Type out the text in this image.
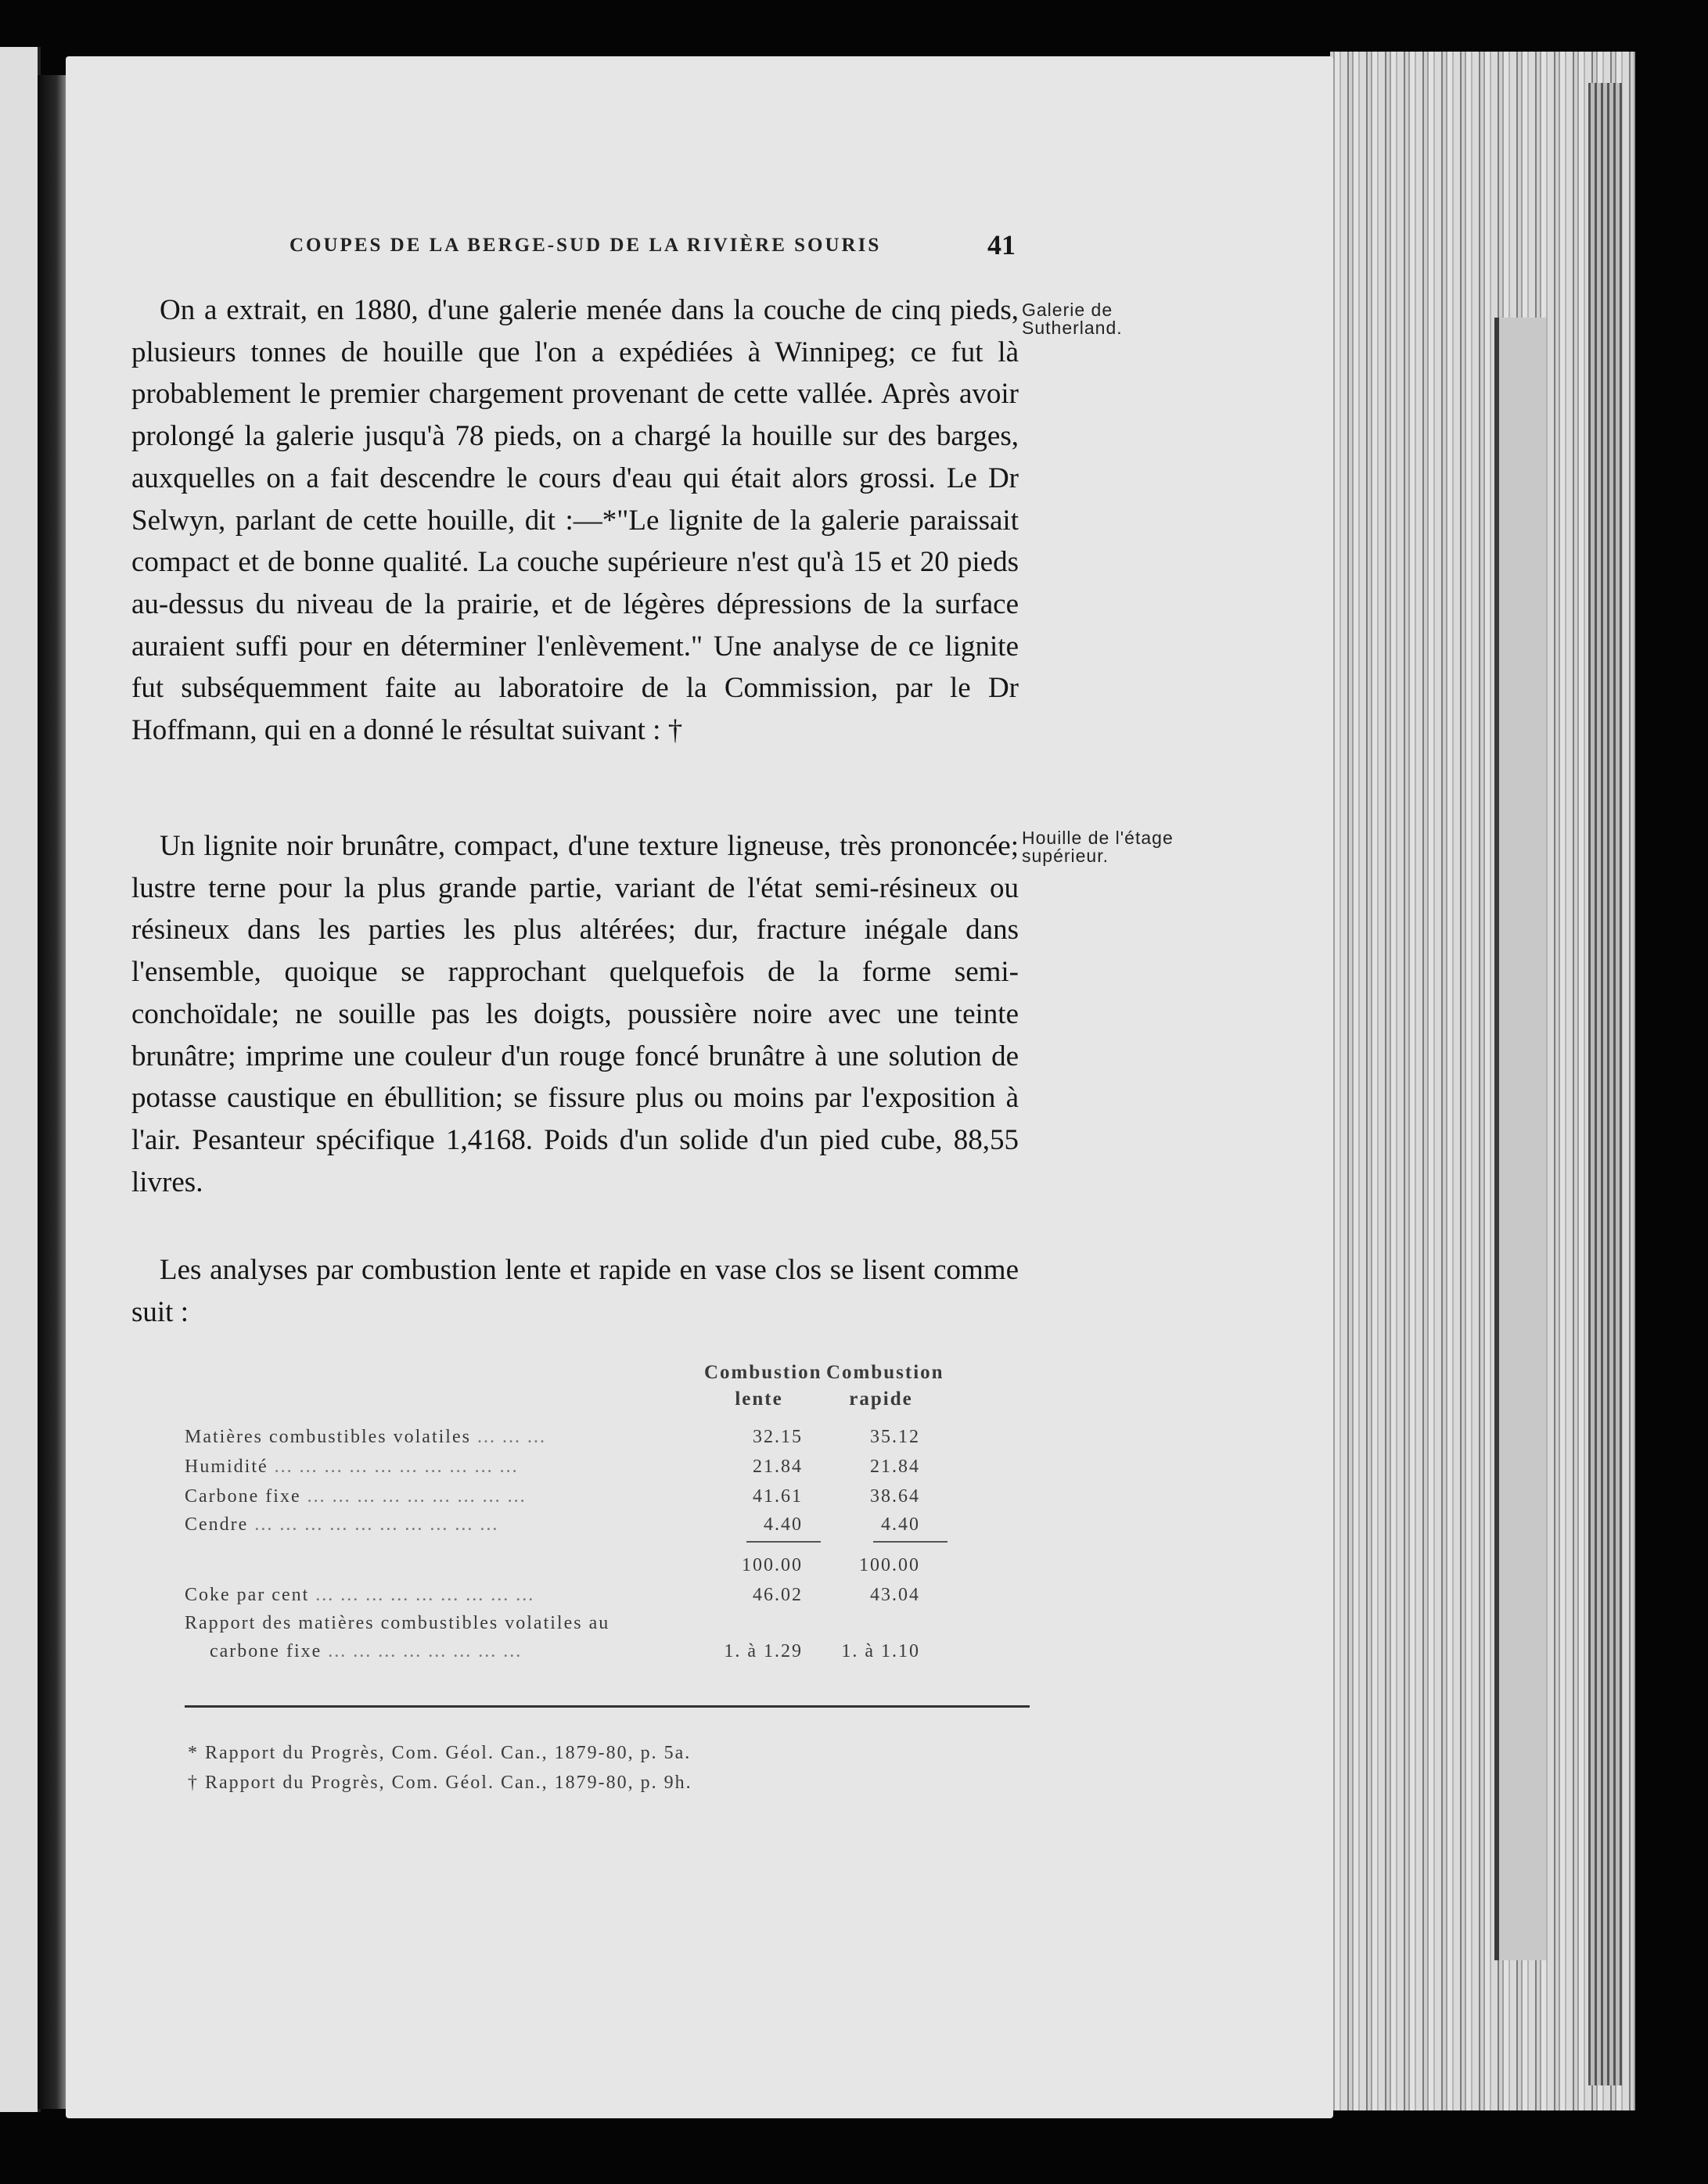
COUPES DE LA BERGE-SUD DE LA RIVIÈRE SOURIS	41

On a extrait, en 1880, d'une galerie menée dans la couche de cinq pieds, plusieurs tonnes de houille que l'on a expédiées à Winnipeg; ce fut là probablement le premier chargement provenant de cette vallée. Après avoir prolongé la galerie jusqu'à 78 pieds, on a chargé la houille sur des barges, auxquelles on a fait descendre le cours d'eau qui était alors grossi. Le Dr Selwyn, parlant de cette houille, dit :—*"Le lignite de la galerie paraissait compact et de bonne qualité. La couche supérieure n'est qu'à 15 et 20 pieds au-dessus du niveau de la prairie, et de légères dépressions de la surface auraient suffi pour en déterminer l'enlèvement." Une analyse de ce lignite fut subséquemment faite au laboratoire de la Commission, par le Dr Hoffmann, qui en a donné le résultat suivant : †

Galerie de Sutherland.

Un lignite noir brunâtre, compact, d'une texture ligneuse, très prononcée; lustre terne pour la plus grande partie, variant de l'état semi-résineux ou résineux dans les parties les plus altérées; dur, fracture inégale dans l'ensemble, quoique se rapprochant quelquefois de la forme semi-conchoïdale; ne souille pas les doigts, poussière noire avec une teinte brunâtre; imprime une couleur d'un rouge foncé brunâtre à une solution de potasse caustique en ébullition; se fissure plus ou moins par l'exposition à l'air. Pesanteur spécifique 1,4168. Poids d'un solide d'un pied cube, 88,55 livres.

Houille de l'étage supérieur.

Les analyses par combustion lente et rapide en vase clos se lisent comme suit :

Combustion lente
Combustion rapide
Matières combustibles volatiles ... ... ...	32.15	35.12
Humidité ... ... ... ... ... ... ... ... ... ...	21.84	21.84
Carbone fixe ... ... ... ... ... ... ... ... ...	41.61	38.64
Cendre ... ... ... ... ... ... ... ... ... ...	4.40	4.40
100.00	100.00
Coke par cent ... ... ... ... ... ... ... ... ...	46.02	43.04
Rapport des matières combustibles volatiles au
carbone fixe ... ... ... ... ... ... ... ...	1. à 1.29	1. à 1.10
* Rapport du Progrès, Com. Géol. Can., 1879-80, p. 5a.
† Rapport du Progrès, Com. Géol. Can., 1879-80, p. 9h.
